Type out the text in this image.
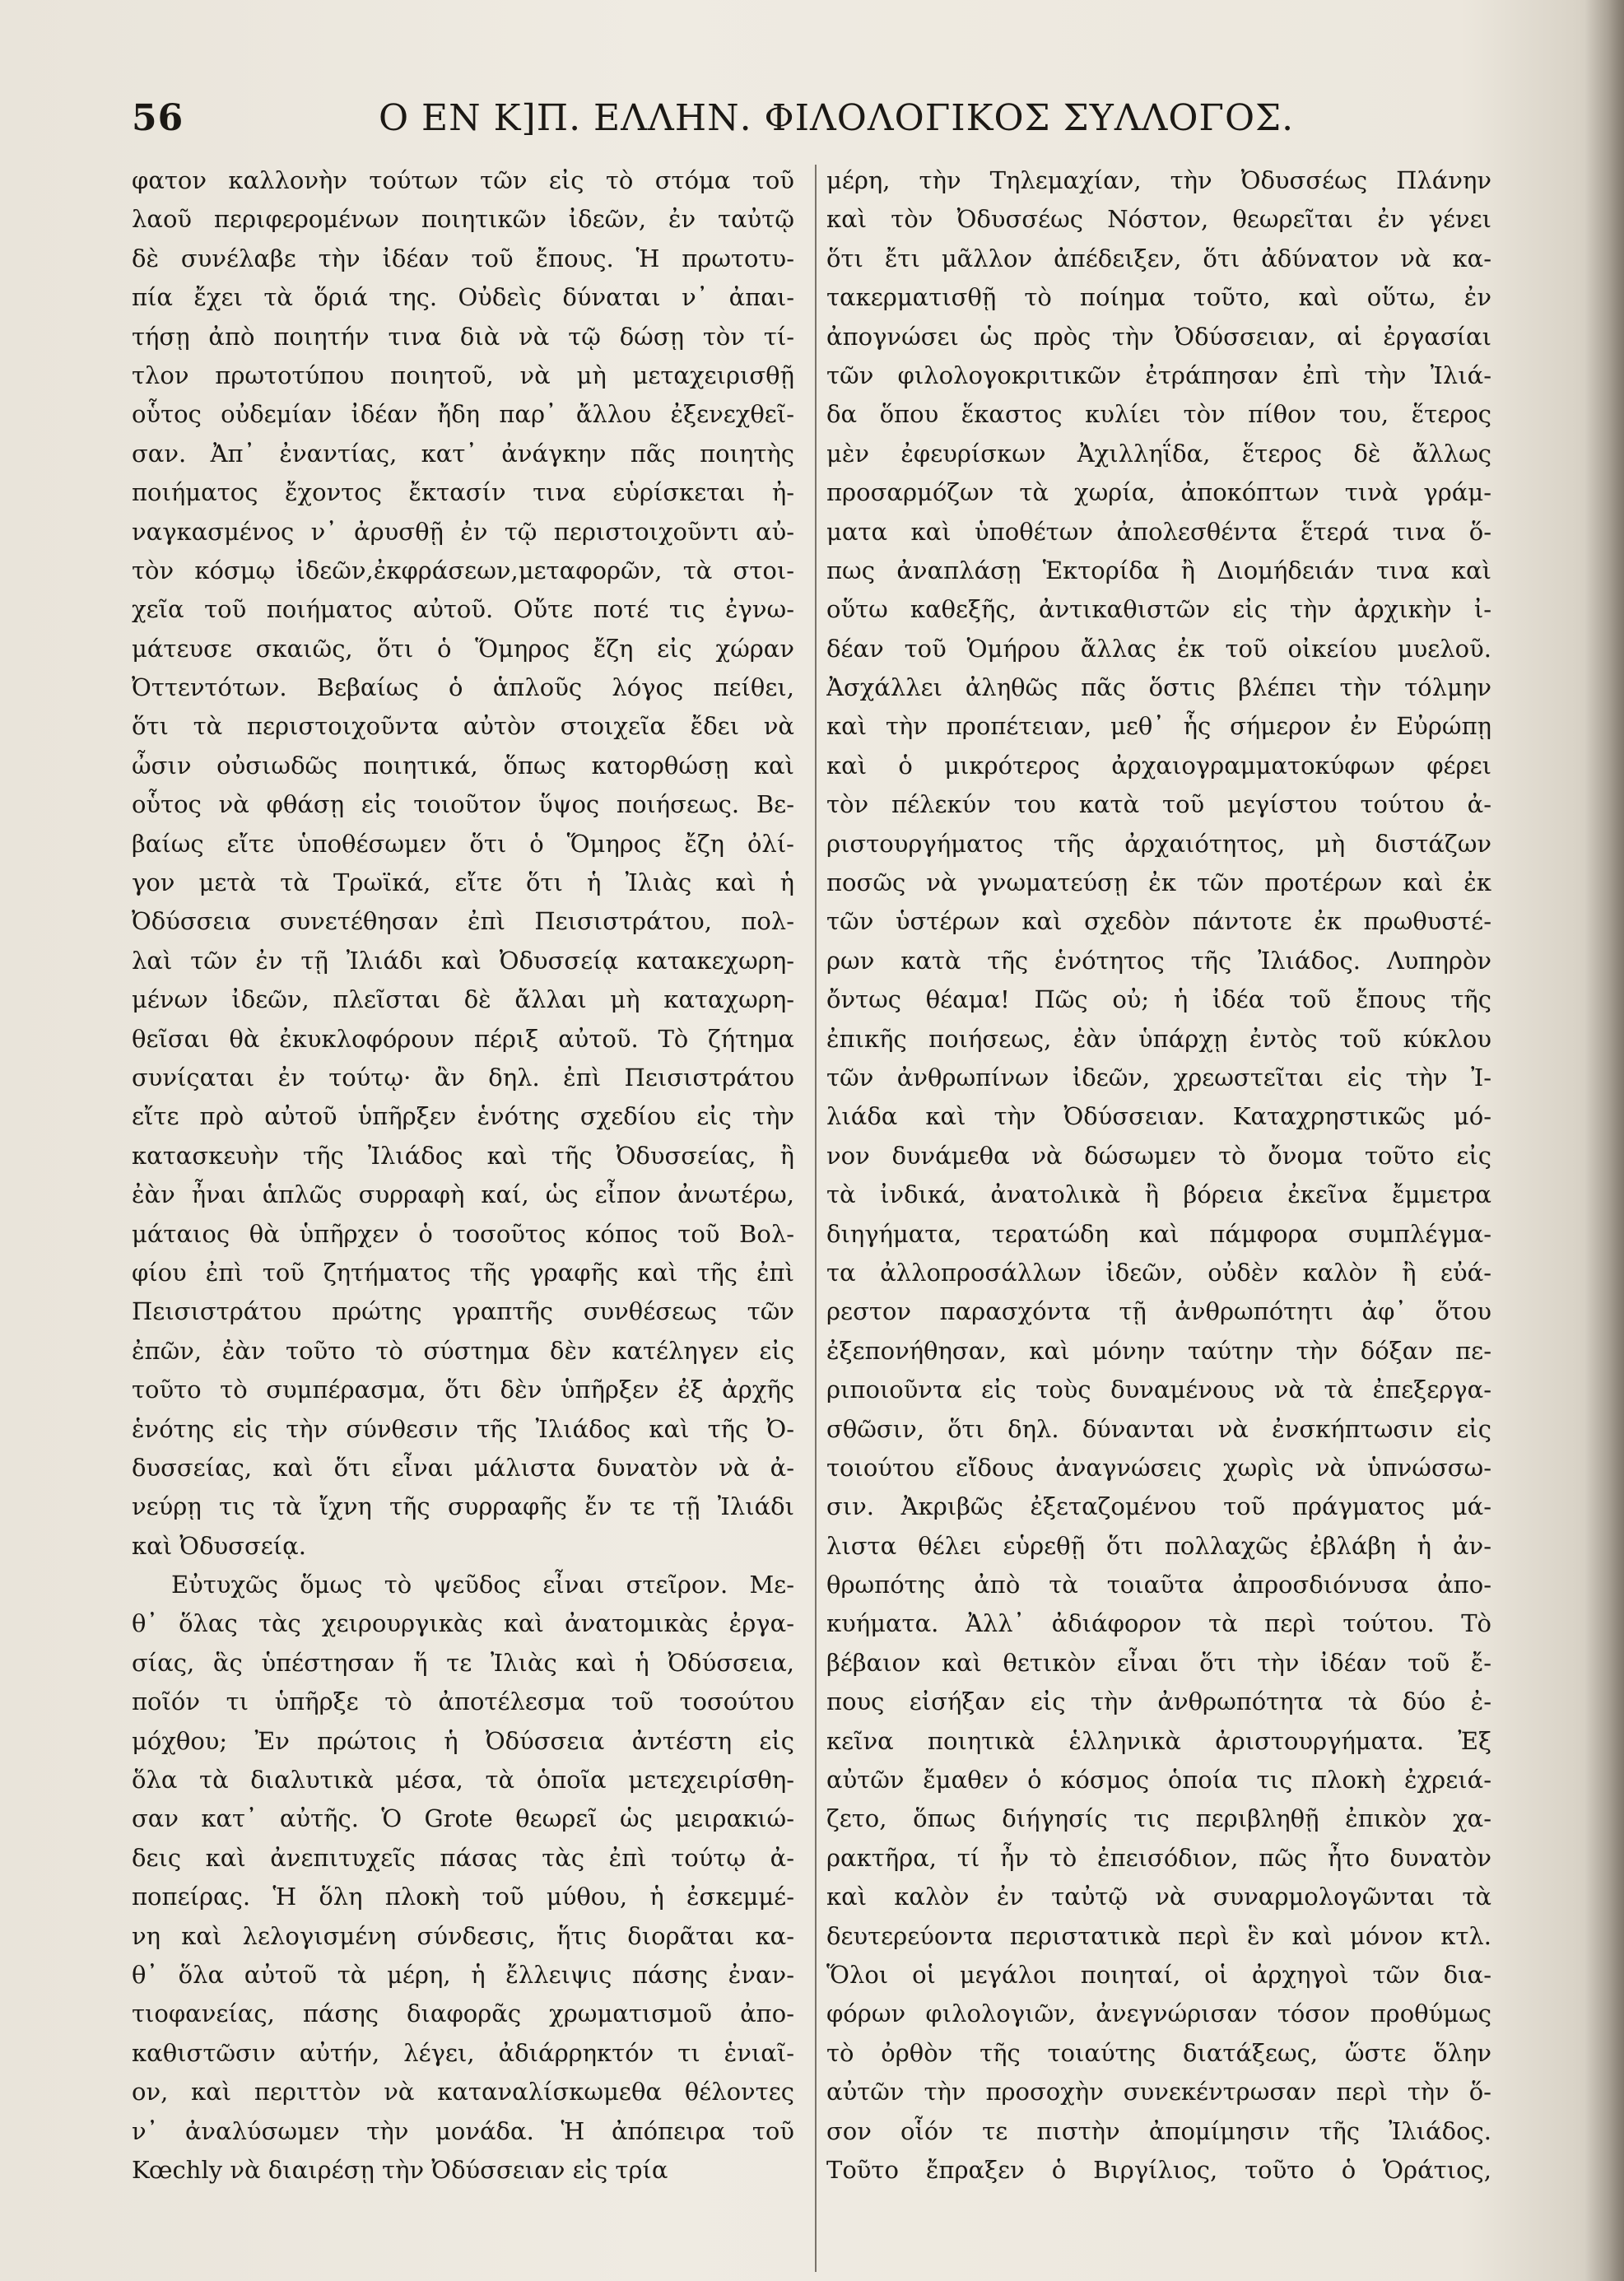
56	Ο ΕΝ Κ]Π. ΕΛΛΗΝ. ΦΙΛΟΛΟΓΙΚΟΣ ΣΥΛΛΟΓΟΣ.
φατον καλλονὴν τούτων τῶν εἰς τὸ στόμα τοῦ
λαοῦ περιφερομένων ποιητικῶν ἰδεῶν, ἐν ταὐτῷ
δὲ συνέλαβε τὴν ἰδέαν τοῦ ἔπους. Ἡ πρωτοτυ-
πία ἔχει τὰ ὅριά της. Οὐδεὶς δύναται ν᾽ ἀπαι-
τήσῃ ἀπὸ ποιητήν τινα διὰ νὰ τῷ δώσῃ τὸν τί-
τλον πρωτοτύπου ποιητοῦ, νὰ μὴ μεταχειρισθῇ
οὗτος οὐδεμίαν ἰδέαν ἤδη παρ᾽ ἄλλου ἐξενεχθεῖ-
σαν. Ἀπ᾽ ἐναντίας, κατ᾽ ἀνάγκην πᾶς ποιητὴς
ποιήματος ἔχοντος ἔκτασίν τινα εὑρίσκεται ἠ-
ναγκασμένος ν᾽ ἀρυσθῇ ἐν τῷ περιστοιχοῦντι αὐ-
τὸν κόσμῳ ἰδεῶν,ἐκφράσεων,μεταφορῶν, τὰ στοι-
χεῖα τοῦ ποιήματος αὐτοῦ. Οὔτε ποτέ τις ἐγνω-
μάτευσε σκαιῶς, ὅτι ὁ Ὅμηρος ἔζη εἰς χώραν
Ὀττεντότων. Βεβαίως ὁ ἁπλοῦς λόγος πείθει,
ὅτι τὰ περιστοιχοῦντα αὐτὸν στοιχεῖα ἔδει νὰ
ὦσιν οὐσιωδῶς ποιητικά, ὅπως κατορθώσῃ καὶ
οὗτος νὰ φθάσῃ εἰς τοιοῦτον ὕψος ποιήσεως. Βε-
βαίως εἴτε ὑποθέσωμεν ὅτι ὁ Ὅμηρος ἔζη ὀλί-
γον μετὰ τὰ Τρωϊκά, εἴτε ὅτι ἡ Ἰλιὰς καὶ ἡ
Ὀδύσσεια συνετέθησαν ἐπὶ Πεισιστράτου, πολ-
λαὶ τῶν ἐν τῇ Ἰλιάδι καὶ Ὀδυσσείᾳ κατακεχωρη-
μένων ἰδεῶν, πλεῖσται δὲ ἄλλαι μὴ καταχωρη-
θεῖσαι θὰ ἐκυκλοφόρουν πέριξ αὐτοῦ. Τὸ ζήτημα
συνίςαται ἐν τούτῳ· ἂν δηλ. ἐπὶ Πεισιστράτου
εἴτε πρὸ αὐτοῦ ὑπῆρξεν ἑνότης σχεδίου εἰς τὴν
κατασκευὴν τῆς Ἰλιάδος καὶ τῆς Ὀδυσσείας, ἢ
ἐὰν ἦναι ἁπλῶς συρραφὴ καί, ὡς εἶπον ἀνωτέρω,
μάταιος θὰ ὑπῆρχεν ὁ τοσοῦτος κόπος τοῦ Βολ-
φίου ἐπὶ τοῦ ζητήματος τῆς γραφῆς καὶ τῆς ἐπὶ
Πεισιστράτου πρώτης γραπτῆς συνθέσεως τῶν
ἐπῶν, ἐὰν τοῦτο τὸ σύστημα δὲν κατέληγεν εἰς
τοῦτο τὸ συμπέρασμα, ὅτι δὲν ὑπῆρξεν ἐξ ἀρχῆς
ἑνότης εἰς τὴν σύνθεσιν τῆς Ἰλιάδος καὶ τῆς Ὀ-
δυσσείας, καὶ ὅτι εἶναι μάλιστα δυνατὸν νὰ ἀ-
νεύρῃ τις τὰ ἴχνη τῆς συρραφῆς ἔν τε τῇ Ἰλιάδι
καὶ Ὀδυσσείᾳ.
Εὐτυχῶς ὅμως τὸ ψεῦδος εἶναι στεῖρον. Με-
θ᾽ ὅλας τὰς χειρουργικὰς καὶ ἀνατομικὰς ἐργα-
σίας, ἃς ὑπέστησαν ἥ τε Ἰλιὰς καὶ ἡ Ὀδύσσεια,
ποῖόν τι ὑπῆρξε τὸ ἀποτέλεσμα τοῦ τοσούτου
μόχθου; Ἐν πρώτοις ἡ Ὀδύσσεια ἀντέστη εἰς
ὅλα τὰ διαλυτικὰ μέσα, τὰ ὁποῖα μετεχειρίσθη-
σαν κατ᾽ αὐτῆς. Ὁ Grote θεωρεῖ ὡς μειρακιώ-
δεις καὶ ἀνεπιτυχεῖς πάσας τὰς ἐπὶ τούτῳ ἀ-
ποπείρας. Ἡ ὅλη πλοκὴ τοῦ μύθου, ἡ ἐσκεμμέ-
νη καὶ λελογισμένη σύνδεσις, ἥτις διορᾶται κα-
θ᾽ ὅλα αὐτοῦ τὰ μέρη, ἡ ἔλλειψις πάσης ἐναν-
τιοφανείας, πάσης διαφορᾶς χρωματισμοῦ ἀπο-
καθιστῶσιν αὐτήν, λέγει, ἀδιάρρηκτόν τι ἑνιαῖ-
ον, καὶ περιττὸν νὰ καταναλίσκωμεθα θέλοντες
ν᾽ ἀναλύσωμεν τὴν μονάδα. Ἡ ἀπόπειρα τοῦ
Kœchly νὰ διαιρέσῃ τὴν Ὀδύσσειαν εἰς τρία
μέρη, τὴν Τηλεμαχίαν, τὴν Ὀδυσσέως Πλάνην
καὶ τὸν Ὀδυσσέως Νόστον, θεωρεῖται ἐν γένει
ὅτι ἔτι μᾶλλον ἀπέδειξεν, ὅτι ἀδύνατον νὰ κα-
τακερματισθῇ τὸ ποίημα τοῦτο, καὶ οὕτω, ἐν
ἀπογνώσει ὡς πρὸς τὴν Ὀδύσσειαν, αἱ ἐργασίαι
τῶν φιλολογοκριτικῶν ἐτράπησαν ἐπὶ τὴν Ἰλιά-
δα ὅπου ἕκαστος κυλίει τὸν πίθον του, ἕτερος
μὲν ἐφευρίσκων Ἀχιλληΐδα, ἕτερος δὲ ἄλλως
προσαρμόζων τὰ χωρία, ἀποκόπτων τινὰ γράμ-
ματα καὶ ὑποθέτων ἀπολεσθέντα ἕτερά τινα ὅ-
πως ἀναπλάσῃ Ἑκτορίδα ἢ Διομήδειάν τινα καὶ
οὕτω καθεξῆς, ἀντικαθιστῶν εἰς τὴν ἀρχικὴν ἰ-
δέαν τοῦ Ὁμήρου ἄλλας ἐκ τοῦ οἰκείου μυελοῦ.
Ἀσχάλλει ἀληθῶς πᾶς ὅστις βλέπει τὴν τόλμην
καὶ τὴν προπέτειαν, μεθ᾽ ἧς σήμερον ἐν Εὐρώπῃ
καὶ ὁ μικρότερος ἀρχαιογραμματοκύφων φέρει
τὸν πέλεκύν του κατὰ τοῦ μεγίστου τούτου ἀ-
ριστουργήματος τῆς ἀρχαιότητος, μὴ διστάζων
ποσῶς νὰ γνωματεύσῃ ἐκ τῶν προτέρων καὶ ἐκ
τῶν ὑστέρων καὶ σχεδὸν πάντοτε ἐκ πρωθυστέ-
ρων κατὰ τῆς ἑνότητος τῆς Ἰλιάδος. Λυπηρὸν
ὄντως θέαμα! Πῶς οὐ; ἡ ἰδέα τοῦ ἔπους τῆς
ἐπικῆς ποιήσεως, ἐὰν ὑπάρχῃ ἐντὸς τοῦ κύκλου
τῶν ἀνθρωπίνων ἰδεῶν, χρεωστεῖται εἰς τὴν Ἰ-
λιάδα καὶ τὴν Ὀδύσσειαν. Καταχρηστικῶς μό-
νον δυνάμεθα νὰ δώσωμεν τὸ ὄνομα τοῦτο εἰς
τὰ ἰνδικά, ἀνατολικὰ ἢ βόρεια ἐκεῖνα ἔμμετρα
διηγήματα, τερατώδη καὶ πάμφορα συμπλέγμα-
τα ἀλλοπροσάλλων ἰδεῶν, οὐδὲν καλὸν ἢ εὐά-
ρεστον παρασχόντα τῇ ἀνθρωπότητι ἀφ᾽ ὅτου
ἐξεπονήθησαν, καὶ μόνην ταύτην τὴν δόξαν πε-
ριποιοῦντα εἰς τοὺς δυναμένους νὰ τὰ ἐπεξεργα-
σθῶσιν, ὅτι δηλ. δύνανται νὰ ἐνσκήπτωσιν εἰς
τοιούτου εἴδους ἀναγνώσεις χωρὶς νὰ ὑπνώσσω-
σιν. Ἀκριβῶς ἐξεταζομένου τοῦ πράγματος μά-
λιστα θέλει εὑρεθῇ ὅτι πολλαχῶς ἐβλάβη ἡ ἀν-
θρωπότης ἀπὸ τὰ τοιαῦτα ἀπροσδιόνυσα ἀπο-
κυήματα. Ἀλλ᾽ ἀδιάφορον τὰ περὶ τούτου. Τὸ
βέβαιον καὶ θετικὸν εἶναι ὅτι τὴν ἰδέαν τοῦ ἔ-
πους εἰσήξαν εἰς τὴν ἀνθρωπότητα τὰ δύο ἐ-
κεῖνα ποιητικὰ ἑλληνικὰ ἀριστουργήματα. Ἐξ
αὐτῶν ἔμαθεν ὁ κόσμος ὁποία τις πλοκὴ ἐχρειά-
ζετο, ὅπως διήγησίς τις περιβληθῇ ἐπικὸν χα-
ρακτῆρα, τί ἦν τὸ ἐπεισόδιον, πῶς ἦτο δυνατὸν
καὶ καλὸν ἐν ταὐτῷ νὰ συναρμολογῶνται τὰ
δευτερεύοντα περιστατικὰ περὶ ἓν καὶ μόνον κτλ.
Ὅλοι οἱ μεγάλοι ποιηταί, οἱ ἀρχηγοὶ τῶν δια-
φόρων φιλολογιῶν, ἀνεγνώρισαν τόσον προθύμως
τὸ ὀρθὸν τῆς τοιαύτης διατάξεως, ὥστε ὅλην
αὐτῶν τὴν προσοχὴν συνεκέντρωσαν περὶ τὴν ὅ-
σον οἷόν τε πιστὴν ἀπομίμησιν τῆς Ἰλιάδος.
Τοῦτο ἔπραξεν ὁ Βιργίλιος, τοῦτο ὁ Ὁράτιος,
